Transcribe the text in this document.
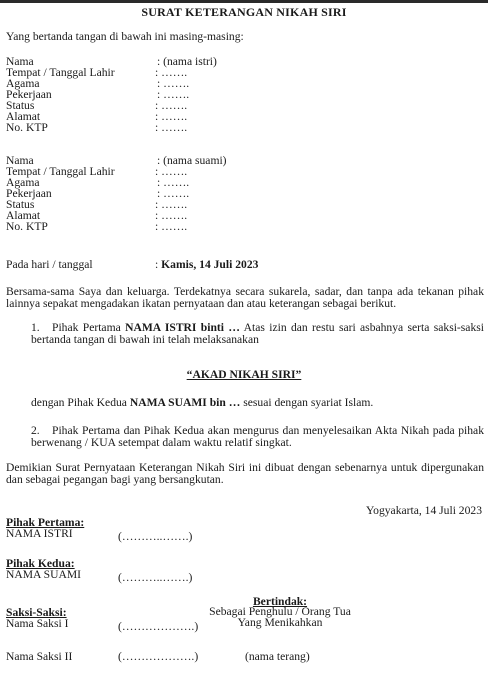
SURAT KETERANGAN NIKAH SIRI
Yang bertanda tangan di bawah ini masing-masing:
Nama	: (nama istri)
Tempat / Tanggal Lahir	: …….
Agama	: …….
Pekerjaan	: …….
Status	: …….
Alamat	: …….
No. KTP	: …….
Nama	: (nama suami)
Tempat / Tanggal Lahir	: …….
Agama	: …….
Pekerjaan	: …….
Status	: …….
Alamat	: …….
No. KTP	: …….
Pada hari / tanggal	: Kamis, 14 Juli 2023
Bersama-sama Saya dan keluarga. Terdekatnya secara sukarela, sadar, dan tanpa ada tekanan pihak lainnya sepakat mengadakan ikatan pernyataan dan atau keterangan sebagai berikut.
1.	Pihak Pertama NAMA ISTRI binti … Atas izin dan restu sari asbahnya serta saksi-saksi bertanda tangan di bawah ini telah melaksanakan
“AKAD NIKAH SIRI”
dengan Pihak Kedua NAMA SUAMI bin … sesuai dengan syariat Islam.
2.	Pihak Pertama dan Pihak Kedua akan mengurus dan menyelesaikan Akta Nikah pada pihak berwenang / KUA setempat dalam waktu relatif singkat.
Demikian Surat Pernyataan Keterangan Nikah Siri ini dibuat dengan sebenarnya untuk dipergunakan dan sebagai pegangan bagi yang bersangkutan.
Yogyakarta, 14 Juli 2023
Pihak Pertama:
NAMA ISTRI	(………..…….)
Pihak Kedua:
NAMA SUAMI	(………..…….)
Bertindak:
Sebagai Penghulu / Orang Tua
Yang Menikahkan
(nama terang)
Saksi-Saksi:
Nama Saksi I	(……………….)
Nama Saksi II	(……………….)
